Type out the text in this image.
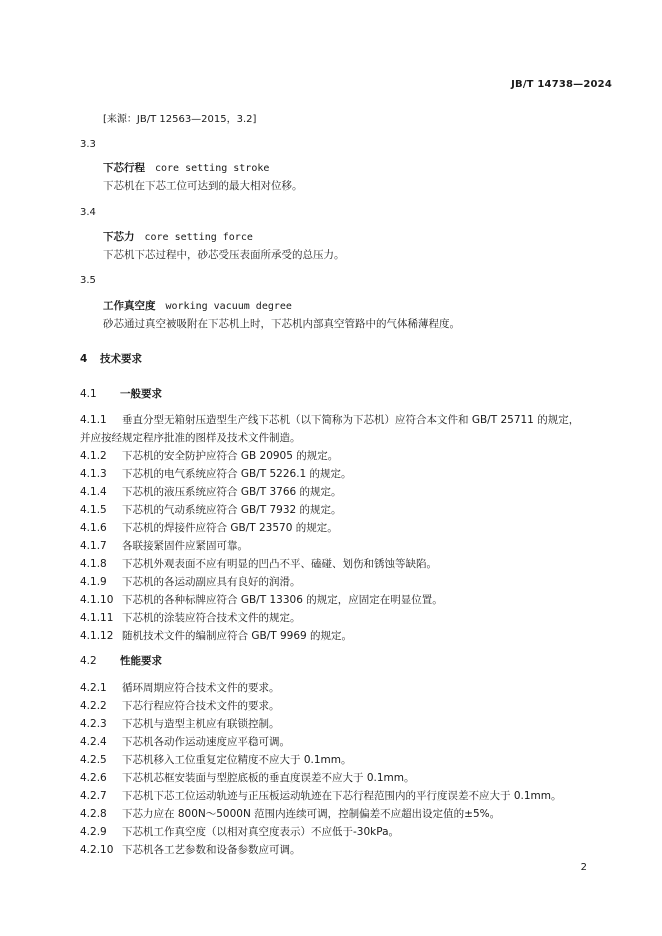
JB/T 14738—2024
[来源：JB/T 12563—2015，3.2]
3.3
下芯行程 core setting stroke
下芯机在下芯工位可达到的最大相对位移。
3.4
下芯力 core setting force
下芯机下芯过程中，砂芯受压表面所承受的总压力。
3.5
工作真空度 working vacuum degree
砂芯通过真空被吸附在下芯机上时，下芯机内部真空管路中的气体稀薄程度。
4 技术要求
4.1 一般要求
4.1.1 垂直分型无箱射压造型生产线下芯机（以下简称为下芯机）应符合本文件和 GB/T 25711 的规定，
并应按经规定程序批准的图样及技术文件制造。
4.1.2 下芯机的安全防护应符合 GB 20905 的规定。
4.1.3 下芯机的电气系统应符合 GB/T 5226.1 的规定。
4.1.4 下芯机的液压系统应符合 GB/T 3766 的规定。
4.1.5 下芯机的气动系统应符合 GB/T 7932 的规定。
4.1.6 下芯机的焊接件应符合 GB/T 23570 的规定。
4.1.7 各联接紧固件应紧固可靠。
4.1.8 下芯机外观表面不应有明显的凹凸不平、磕碰、划伤和锈蚀等缺陷。
4.1.9 下芯机的各运动副应具有良好的润滑。
4.1.10 下芯机的各种标牌应符合 GB/T 13306 的规定，应固定在明显位置。
4.1.11 下芯机的涂装应符合技术文件的规定。
4.1.12 随机技术文件的编制应符合 GB/T 9969 的规定。
4.2 性能要求
4.2.1 循环周期应符合技术文件的要求。
4.2.2 下芯行程应符合技术文件的要求。
4.2.3 下芯机与造型主机应有联锁控制。
4.2.4 下芯机各动作运动速度应平稳可调。
4.2.5 下芯机移入工位重复定位精度不应大于 0.1mm。
4.2.6 下芯机芯框安装面与型腔底板的垂直度误差不应大于 0.1mm。
4.2.7 下芯机下芯工位运动轨迹与正压板运动轨迹在下芯行程范围内的平行度误差不应大于 0.1mm。
4.2.8 下芯力应在 800N～5000N 范围内连续可调，控制偏差不应超出设定值的±5%。
4.2.9 下芯机工作真空度（以相对真空度表示）不应低于-30kPa。
4.2.10 下芯机各工艺参数和设备参数应可调。
2
